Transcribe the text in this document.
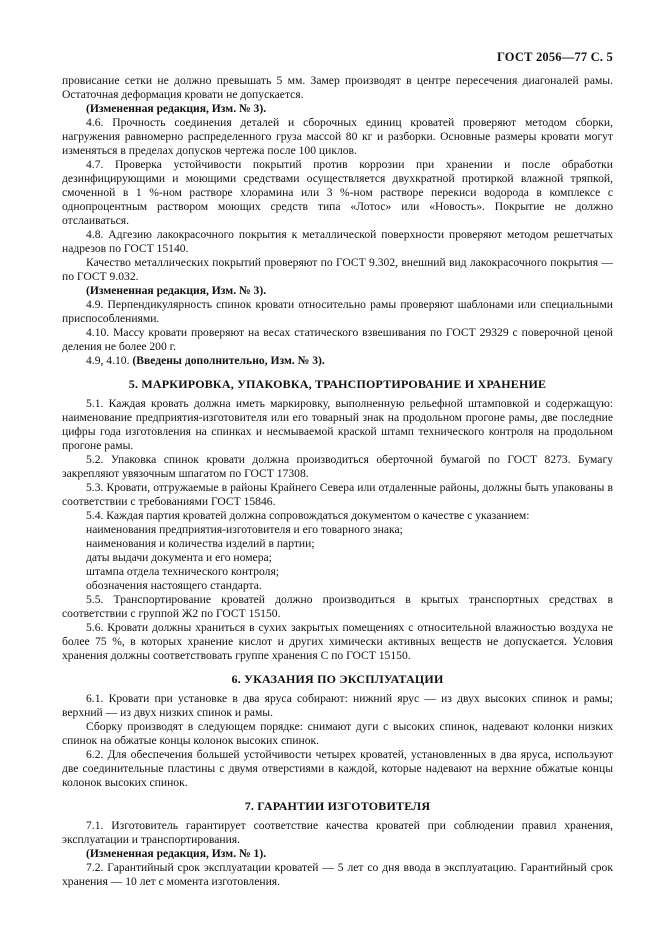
ГОСТ 2056—77 С. 5

провисание сетки не должно превышать 5 мм. Замер производят в центре пересечения диагоналей рамы. Остаточная деформация кровати не допускается.

(Измененная редакция, Изм. № 3).

4.6. Прочность соединения деталей и сборочных единиц кроватей проверяют методом сборки, нагружения равномерно распределенного груза массой 80 кг и разборки. Основные размеры кровати могут изменяться в пределах допусков чертежа после 100 циклов.

4.7. Проверка устойчивости покрытий против коррозии при хранении и после обработки дезинфицирующими и моющими средствами осуществляется двухкратной протиркой влажной тряпкой, смоченной в 1 %-ном растворе хлорамина или 3 %-ном растворе перекиси водорода в комплексе с однопроцентным раствором моющих средств типа «Лотос» или «Новость». Покрытие не должно отслаиваться.

4.8. Адгезию лакокрасочного покрытия к металлической поверхности проверяют методом решетчатых надрезов по ГОСТ 15140.

Качество металлических покрытий проверяют по ГОСТ 9.302, внешний вид лакокрасочного покрытия — по ГОСТ 9.032.

(Измененная редакция, Изм. № 3).

4.9. Перпендикулярность спинок кровати относительно рамы проверяют шаблонами или специальными приспособлениями.

4.10. Массу кровати проверяют на весах статического взвешивания по ГОСТ 29329 с поверочной ценой деления не более 200 г.

4.9, 4.10. (Введены дополнительно, Изм. № 3).

5. МАРКИРОВКА, УПАКОВКА, ТРАНСПОРТИРОВАНИЕ И ХРАНЕНИЕ

5.1. Каждая кровать должна иметь маркировку, выполненную рельефной штамповкой и содержащую: наименование предприятия-изготовителя или его товарный знак на продольном прогоне рамы, две последние цифры года изготовления на спинках и несмываемой краской штамп технического контроля на продольном прогоне рамы.

5.2. Упаковка спинок кровати должна производиться оберточной бумагой по ГОСТ 8273. Бумагу закрепляют увязочным шпагатом по ГОСТ 17308.

5.3. Кровати, отгружаемые в районы Крайнего Севера или отдаленные районы, должны быть упакованы в соответствии с требованиями ГОСТ 15846.

5.4. Каждая партия кроватей должна сопровождаться документом о качестве с указанием:

наименования предприятия-изготовителя и его товарного знака;

наименования и количества изделий в партии;

даты выдачи документа и его номера;

штампа отдела технического контроля;

обозначения настоящего стандарта.

5.5. Транспортирование кроватей должно производиться в крытых транспортных средствах в соответствии с группой Ж2 по ГОСТ 15150.

5.6. Кровати должны храниться в сухих закрытых помещениях с относительной влажностью воздуха не более 75 %, в которых хранение кислот и других химически активных веществ не допускается. Условия хранения должны соответствовать группе хранения С по ГОСТ 15150.

6. УКАЗАНИЯ ПО ЭКСПЛУАТАЦИИ

6.1. Кровати при установке в два яруса собирают: нижний ярус — из двух высоких спинок и рамы; верхний — из двух низких спинок и рамы.

Сборку производят в следующем порядке: снимают дуги с высоких спинок, надевают колонки низких спинок на обжатые концы колонок высоких спинок.

6.2. Для обеспечения большей устойчивости четырех кроватей, установленных в два яруса, используют две соединительные пластины с двумя отверстиями в каждой, которые надевают на верхние обжатые концы колонок высоких спинок.

7. ГАРАНТИИ ИЗГОТОВИТЕЛЯ

7.1. Изготовитель гарантирует соответствие качества кроватей при соблюдении правил хранения, эксплуатации и транспортирования.

(Измененная редакция, Изм. № 1).

7.2. Гарантийный срок эксплуатации кроватей — 5 лет со дня ввода в эксплуатацию. Гарантийный срок хранения — 10 лет с момента изготовления.
